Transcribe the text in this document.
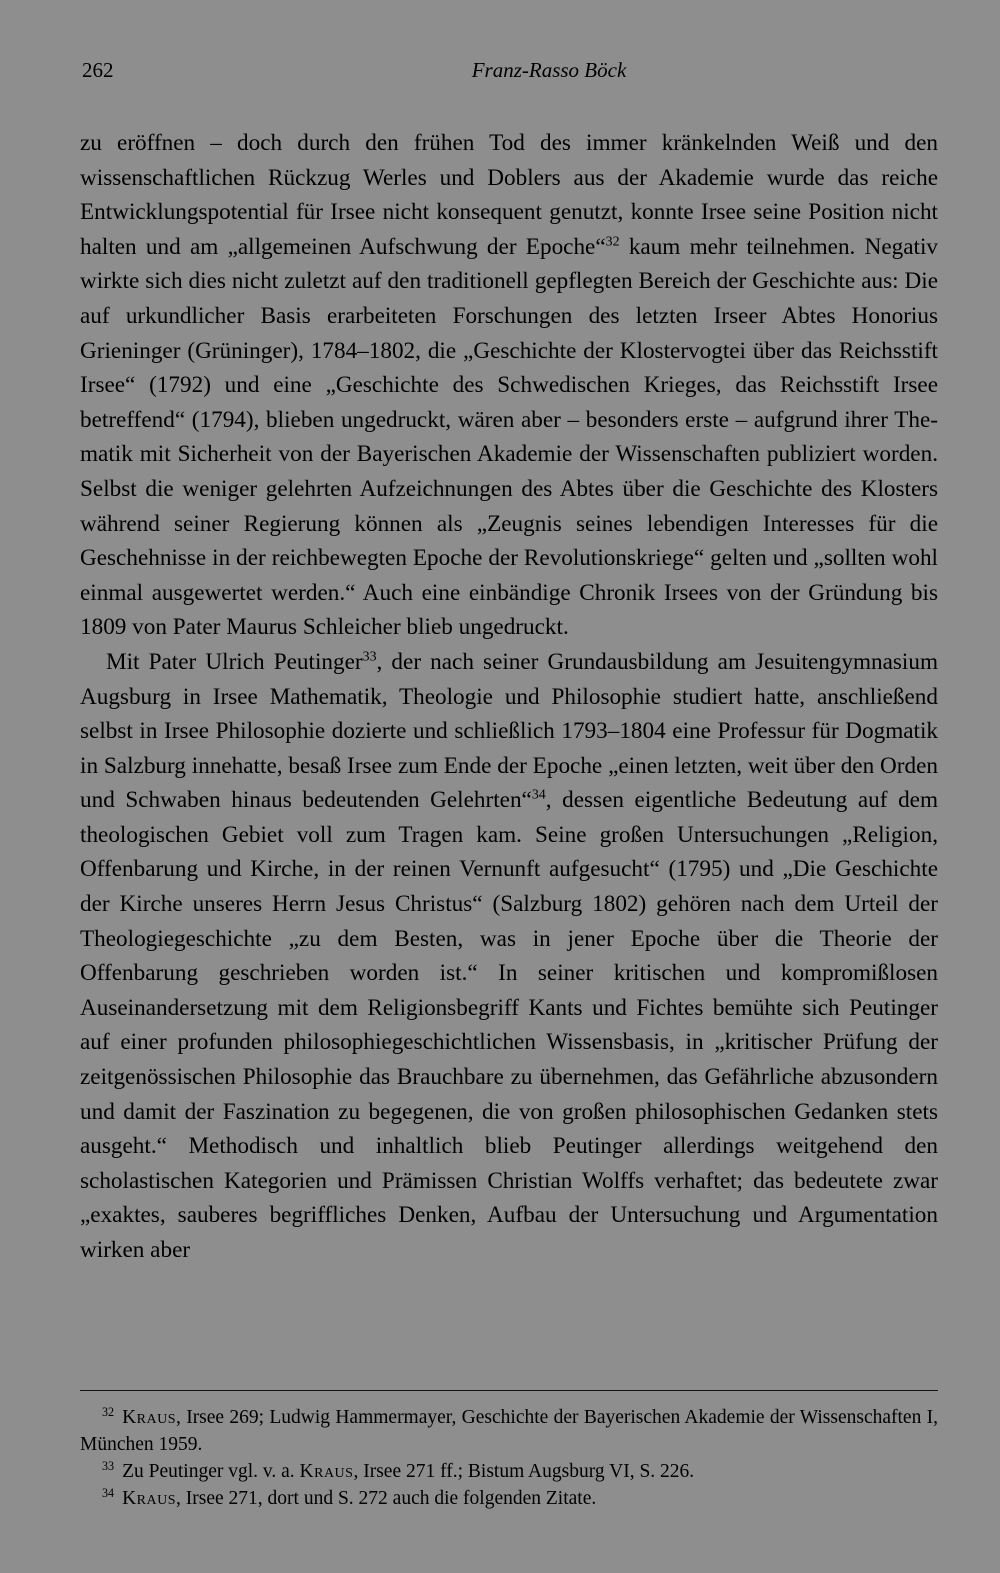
262	Franz-Rasso Böck

zu eröffnen – doch durch den frühen Tod des immer kränkelnden Weiß und den wissenschaftlichen Rückzug Werles und Doblers aus der Akademie wurde das reiche Entwicklungspotential für Irsee nicht konsequent genutzt, konnte Irsee seine Position nicht halten und am „allgemeinen Aufschwung der Epoche“$^{32}$ kaum mehr teilnehmen. Negativ wirkte sich dies nicht zuletzt auf den traditionell gepflegten Bereich der Geschichte aus: Die auf urkundlicher Basis erarbeiteten Forschungen des letzten Irseer Abtes Honorius Grieninger (Grüninger), 1784–1802, die „Geschichte der Klostervogtei über das Reichsstift Irsee“ (1792) und eine „Geschichte des Schwedischen Krieges, das Reichsstift Irsee betreffend“ (1794), blieben ungedruckt, wären aber – besonders erste – aufgrund ihrer Thematik mit Sicherheit von der Bayerischen Akademie der Wissenschaften publiziert worden. Selbst die weniger gelehrten Aufzeichnungen des Abtes über die Geschichte des Klosters während seiner Regierung können als „Zeugnis seines lebendigen Interesses für die Geschehnisse in der reichbewegten Epoche der Revolutionskriege“ gelten und „sollten wohl einmal ausgewertet werden.“ Auch eine einbändige Chronik Irsees von der Gründung bis 1809 von Pater Maurus Schleicher blieb ungedruckt.

Mit Pater Ulrich Peutinger$^{33}$, der nach seiner Grundausbildung am Jesuitengymnasium Augsburg in Irsee Mathematik, Theologie und Philosophie studiert hatte, anschließend selbst in Irsee Philosophie dozierte und schließlich 1793–1804 eine Professur für Dogmatik in Salzburg innehatte, besaß Irsee zum Ende der Epoche „einen letzten, weit über den Orden und Schwaben hinaus bedeutenden Gelehrten“$^{34}$, dessen eigentliche Bedeutung auf dem theologischen Gebiet voll zum Tragen kam. Seine großen Untersuchungen „Religion, Offenbarung und Kirche, in der reinen Vernunft aufgesucht“ (1795) und „Die Geschichte der Kirche unseres Herrn Jesus Christus“ (Salzburg 1802) gehören nach dem Urteil der Theologiegeschichte „zu dem Besten, was in jener Epoche über die Theorie der Offenbarung geschrieben worden ist.“ In seiner kritischen und kompromißlosen Auseinandersetzung mit dem Religionsbegriff Kants und Fichtes bemühte sich Peutinger auf einer profunden philosophiegeschichtlichen Wissensbasis, in „kritischer Prüfung der zeitgenössischen Philosophie das Brauchbare zu übernehmen, das Gefährliche abzusondern und damit der Faszination zu begegenen, die von großen philosophischen Gedanken stets ausgeht.“ Methodisch und inhaltlich blieb Peutinger allerdings weitgehend den scholastischen Kategorien und Prämissen Christian Wolffs verhaftet; das bedeutete zwar „exaktes, sauberes begriffliches Denken, Aufbau der Untersuchung und Argumentation wirken aber

$^{32}$ Kraus, Irsee 269; Ludwig Hammermayer, Geschichte der Bayerischen Akademie der Wissenschaften I, München 1959.

$^{33}$ Zu Peutinger vgl. v. a. Kraus, Irsee 271 ff.; Bistum Augsburg VI, S. 226.

$^{34}$ Kraus, Irsee 271, dort und S. 272 auch die folgenden Zitate.
